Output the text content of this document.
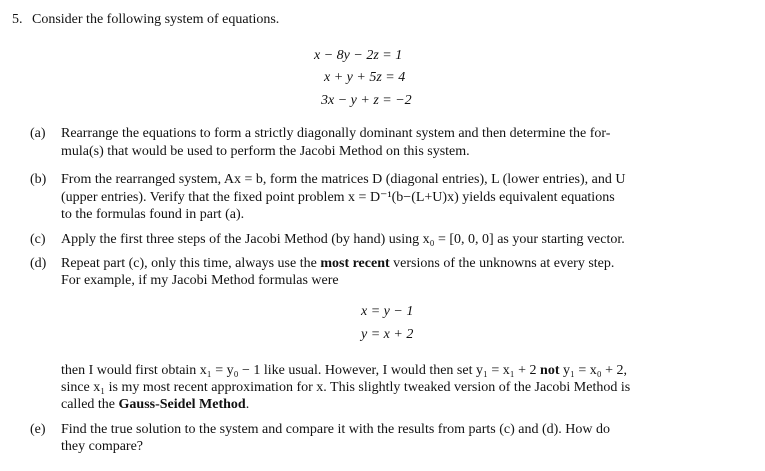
5. Consider the following system of equations.
x − 8y − 2z = 1
x + y + 5z = 4
3x − y + z = −2
(a) Rearrange the equations to form a strictly diagonally dominant system and then determine the for-
mula(s) that would be used to perform the Jacobi Method on this system.
(b) From the rearranged system, Ax = b, form the matrices D (diagonal entries), L (lower entries), and U
(upper entries). Verify that the fixed point problem x = D⁻¹(b−(L+U)x) yields equivalent equations
to the formulas found in part (a).
(c) Apply the first three steps of the Jacobi Method (by hand) using x₀ = [0, 0, 0] as your starting vector.
(d) Repeat part (c), only this time, always use the most recent versions of the unknowns at every step.
For example, if my Jacobi Method formulas were
x = y − 1
y = x + 2
then I would first obtain x₁ = y₀ − 1 like usual. However, I would then set y₁ = x₁ + 2 not y₁ = x₀ + 2,
since x₁ is my most recent approximation for x. This slightly tweaked version of the Jacobi Method is
called the Gauss-Seidel Method.
(e) Find the true solution to the system and compare it with the results from parts (c) and (d). How do
they compare?
